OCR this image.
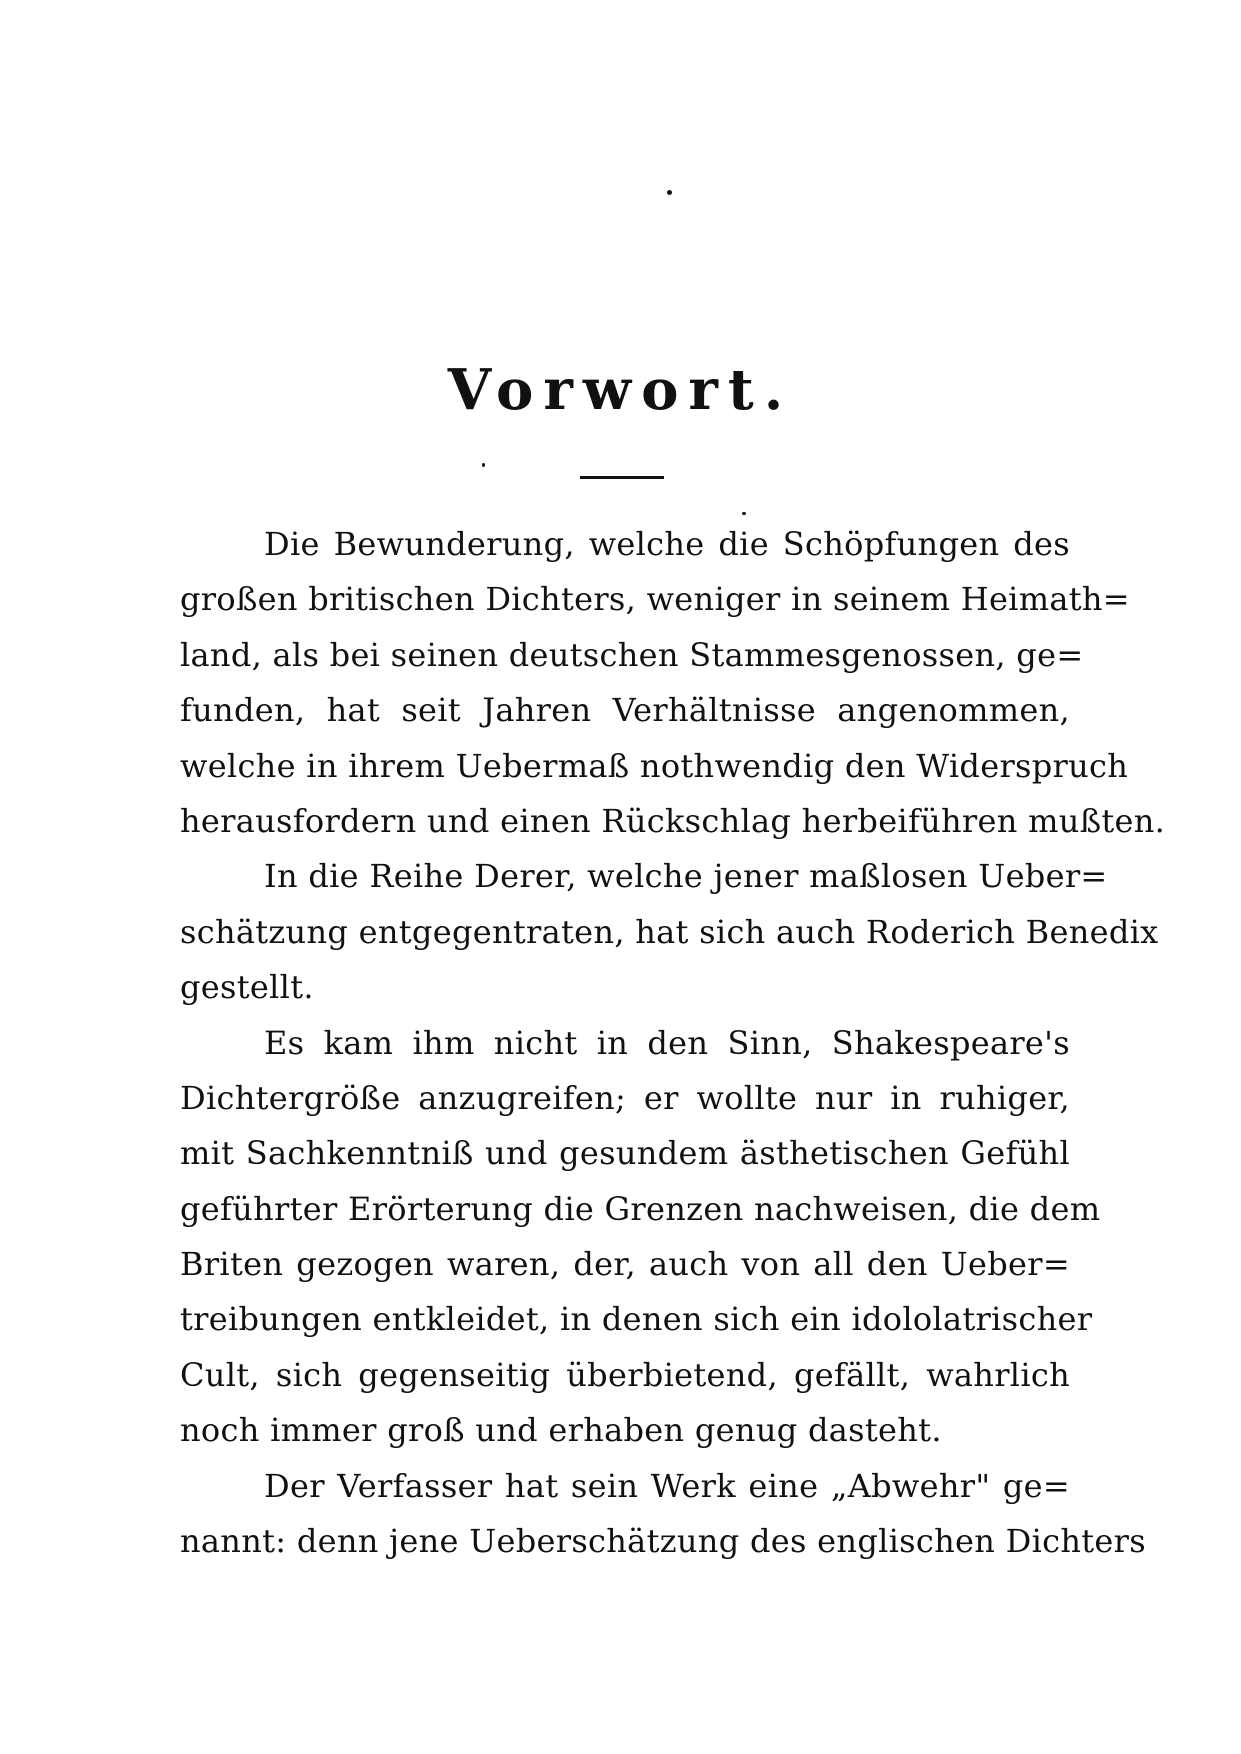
Vorwort.
Die Bewunderung, welche die Schöpfungen des
großen britischen Dichters, weniger in seinem Heimath=
land, als bei seinen deutschen Stammesgenossen, ge=
funden, hat seit Jahren Verhältnisse angenommen,
welche in ihrem Uebermaß nothwendig den Widerspruch
herausfordern und einen Rückschlag herbeiführen mußten.
In die Reihe Derer, welche jener maßlosen Ueber=
schätzung entgegentraten, hat sich auch Roderich Benedix
gestellt.
Es kam ihm nicht in den Sinn, Shakespeare's
Dichtergröße anzugreifen; er wollte nur in ruhiger,
mit Sachkenntniß und gesundem ästhetischen Gefühl
geführter Erörterung die Grenzen nachweisen, die dem
Briten gezogen waren, der, auch von all den Ueber=
treibungen entkleidet, in denen sich ein idololatrischer
Cult, sich gegenseitig überbietend, gefällt, wahrlich
noch immer groß und erhaben genug dasteht.
Der Verfasser hat sein Werk eine „Abwehr" ge=
nannt: denn jene Ueberschätzung des englischen Dichters
